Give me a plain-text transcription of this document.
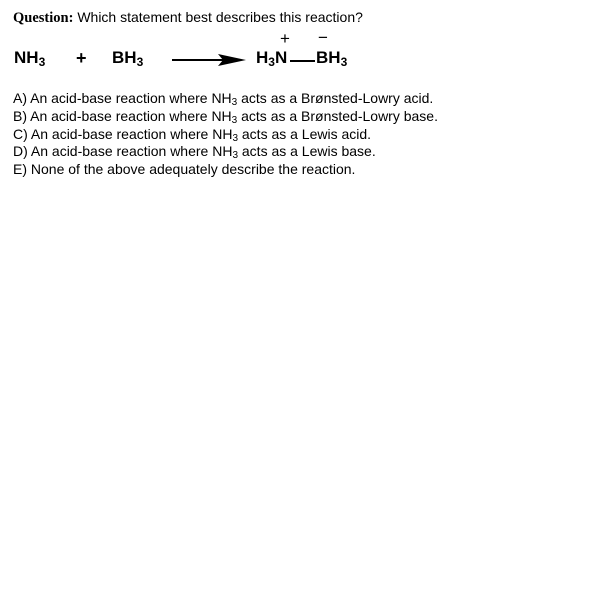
Question: Which statement best describes this reaction?
$NH_3 + BH_3$	$H_3N$
+ −
$BH_3$

A) An acid-base reaction where $NH_3$ acts as a Brønsted-Lowry acid.

B) An acid-base reaction where $NH_3$ acts as a Brønsted-Lowry base.

C) An acid-base reaction where $NH_3$ acts as a Lewis acid.

D) An acid-base reaction where $NH_3$ acts as a Lewis base.

E) None of the above adequately describe the reaction.
